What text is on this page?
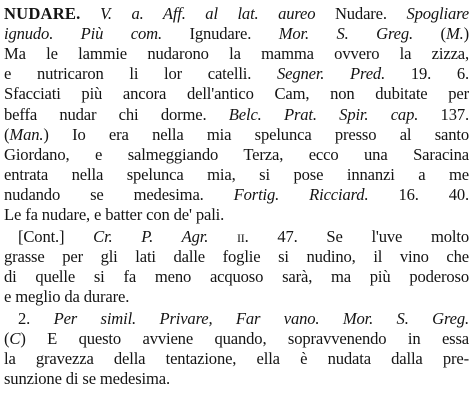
NUDARE. V. a. Aff. al lat. aureo Nudare. Spogliare
ignudo. Più com. Ignudare. Mor. S. Greg. (M.)
Ma le lammie nudarono la mamma ovvero la zizza,
e nutricaron li lor catelli. Segner. Pred. 19. 6.
Sfacciati più ancora dell'antico Cam, non dubitate per
beffa nudar chi dorme. Belc. Prat. Spir. cap. 137.
(Man.) Io era nella mia spelunca presso al santo
Giordano, e salmeggiando Terza, ecco una Saracina
entrata nella spelunca mia, si pose innanzi a me
nudando se medesima. Fortig. Ricciard. 16. 40.
Le fa nudare, e batter con de' pali.
[Cont.] Cr. P. Agr. ii. 47. Se l'uve molto
grasse per gli lati dalle foglie si nudino, il vino che
di quelle si fa meno acquoso sarà, ma più poderoso
e meglio da durare.
2. Per simil. Privare, Far vano. Mor. S. Greg.
(C) E questo avviene quando, sopravvenendo in essa
la gravezza della tentazione, ella è nudata dalla pre-
sunzione di se medesima.
